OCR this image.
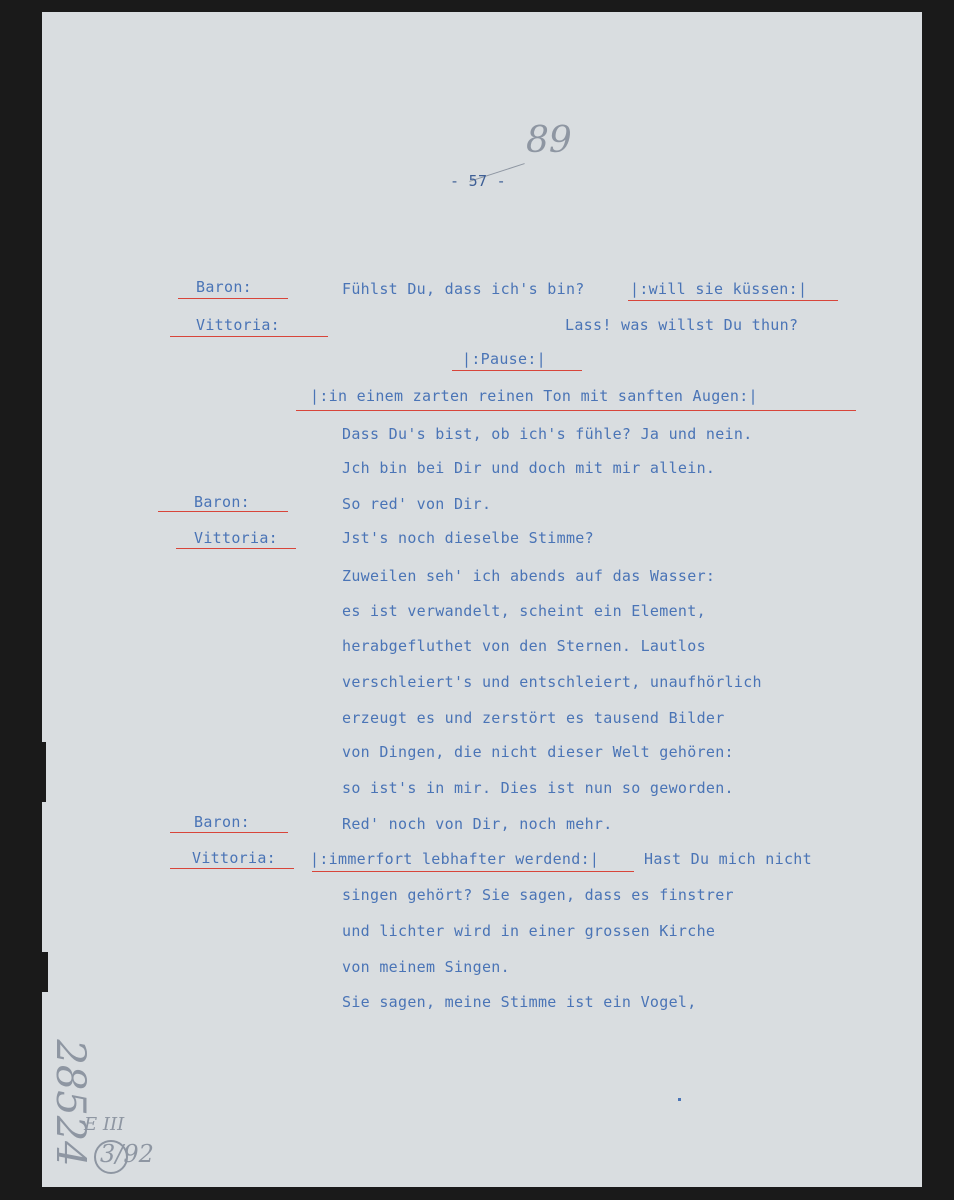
89
- 57 -
Baron:
Vittoria:
Baron:
Vittoria:
Baron:
Vittoria:
Fühlst Du, dass ich's bin?	|:will sie küssen:|
Lass! was willst Du thun?
|:Pause:|
|:in einem zarten reinen Ton mit sanften Augen:|
Dass Du's bist, ob ich's fühle? Ja und nein.
Jch bin bei Dir und doch mit mir allein.
So red' von Dir.
Jst's noch dieselbe Stimme?
Zuweilen seh' ich abends auf das Wasser:
es ist verwandelt, scheint ein Element,
herabgefluthet von den Sternen. Lautlos
verschleiert's und entschleiert, unaufhörlich
erzeugt es und zerstört es tausend Bilder
von Dingen, die nicht dieser Welt gehören:
so ist's in mir. Dies ist nun so geworden.
Red' noch von Dir, noch mehr.
|:immerfort lebhafter werdend:|	Hast Du mich nicht
singen gehört? Sie sagen, dass es finstrer
und lichter wird in einer grossen Kirche
von meinem Singen.
Sie sagen, meine Stimme ist ein Vogel,
28524
E III
3/92
